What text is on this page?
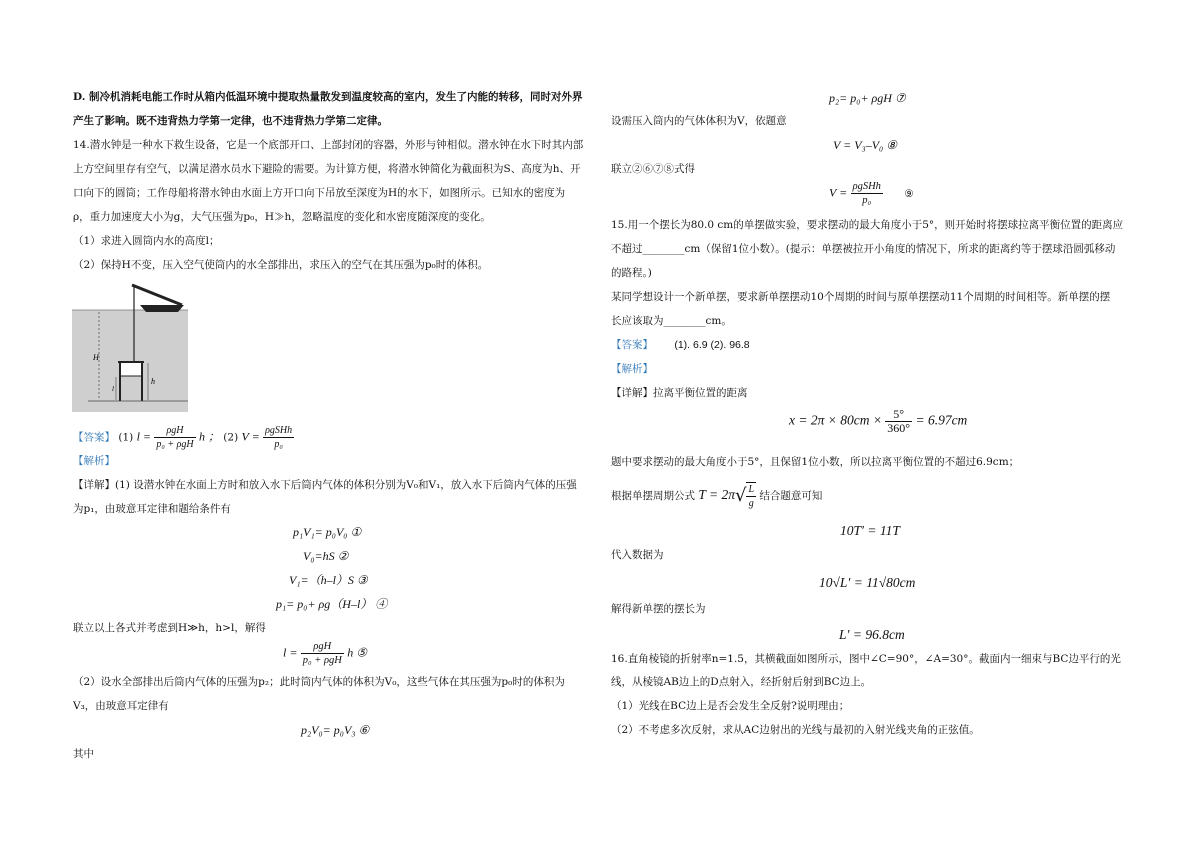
D. 制冷机消耗电能工作时从箱内低温环境中提取热量散发到温度较高的室内，发生了内能的转移，同时对外界
产生了影响。既不违背热力学第一定律，也不违背热力学第二定律。
14.潜水钟是一种水下救生设备，它是一个底部开口、上部封闭的容器，外形与钟相似。潜水钟在水下时其内部
上方空间里存有空气，以满足潜水员水下避险的需要。为计算方便，将潜水钟简化为截面积为S、高度为h、开
口向下的圆筒；工作母船将潜水钟由水面上方开口向下吊放至深度为H的水下，如图所示。已知水的密度为
ρ，重力加速度大小为g，大气压强为p₀，H≫h，忽略温度的变化和水密度随深度的变化。
（1）求进入圆筒内水的高度l；
（2）保持H不变，压入空气使筒内的水全部排出，求压入的空气在其压强为p₀时的体积。
【答案】 (1) $l = \frac{\text{ρgH}}{\text{p₀ + ρgH}}$ h ； (2) $V = \frac{\text{ρgSHh}}{\text{p₀}}$
【解析】
【详解】(1) 设潜水钟在水面上方时和放入水下后筒内气体的体积分别为V₀和V₁，放入水下后筒内气体的压强
为p₁，由玻意耳定律和题给条件有
p₁V₁= p₀V₀ ①
V₀=hS ②
V₁=（h–l）S ③
p₁= p₀+ ρg（H–l） ④
联立以上各式并考虑到H≫h，h>l，解得
$l = \frac{\text{ρgH}}{\text{p₀ + ρgH}}$ h ⑤
（2）设水全部排出后筒内气体的压强为p₂；此时筒内气体的体积为V₀，这些气体在其压强为p₀时的体积为
V₃，由玻意耳定律有
p₂V₀= p₀V₃ ⑥
其中
H
h
l
p₂= p₀+ ρgH ⑦
设需压入筒内的气体体积为V，依题意
V = V₃–V₀ ⑧
联立②⑥⑦⑧式得
$V = \frac{\text{ρgSHh}}{\text{p₀}}$ ⑨
15.用一个摆长为80.0 cm的单摆做实验，要求摆动的最大角度小于5°，则开始时将摆球拉离平衡位置的距离应
不超过________cm（保留1位小数）。(提示：单摆被拉开小角度的情况下，所求的距离约等于摆球沿圆弧移动
的路程。)
某同学想设计一个新单摆，要求新单摆摆动10个周期的时间与原单摆摆动11个周期的时间相等。新单摆的摆
长应该取为________cm。
【答案】 (1). 6.9 (2). 96.8
【解析】
【详解】拉离平衡位置的距离
$x = 2\pi \times 80cm \times \frac{5^\circ}{360^\circ} = 6.97cm$
题中要求摆动的最大角度小于5°，且保留1位小数，所以拉离平衡位置的不超过6.9cm；
根据单摆周期公式 $T = 2\pi√ \frac{L}{g}$ 结合题意可知
10T′ = 11T
代入数据为
10√L′ = 11√80cm
解得新单摆的摆长为
L′ = 96.8cm
16.直角棱镜的折射率n=1.5，其横截面如图所示，图中∠C=90°，∠A=30°。截面内一细束与BC边平行的光
线，从棱镜AB边上的D点射入，经折射后射到BC边上。
（1）光线在BC边上是否会发生全反射?说明理由；
（2）不考虑多次反射，求从AC边射出的光线与最初的入射光线夹角的正弦值。
